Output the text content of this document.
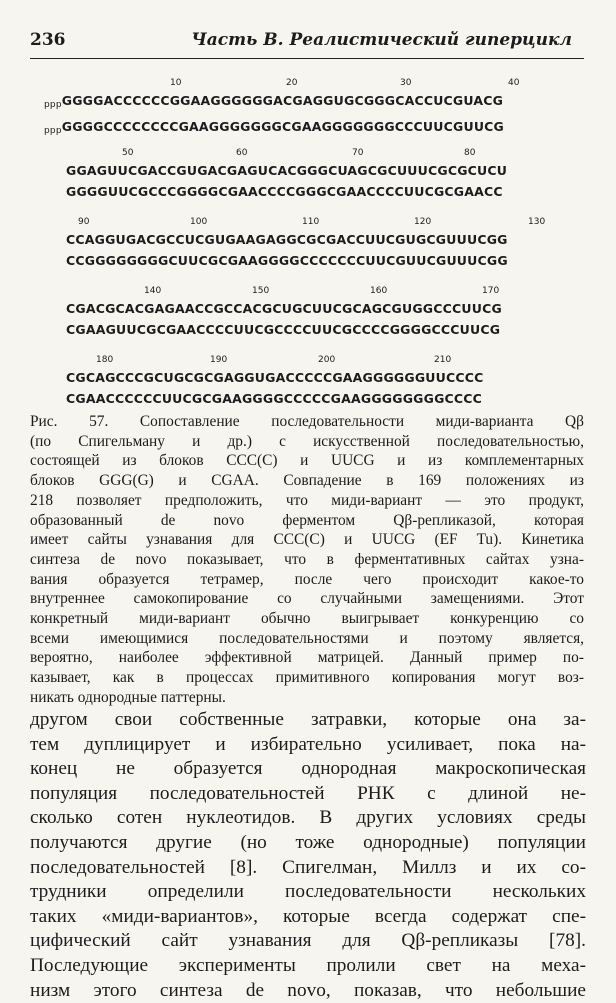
236	Часть В. Реалистический гиперцикл
10	20	30	40
pppGGGGACCCCCCGGAAGGGGGGACGAGGUGCGGGCACCUCGUACG
pppGGGGCCCCCCCCGAAGGGGGGGCGAAGGGGGGGCCCUUCGUUCG
50	60	70	80
GGAGUUCGACCGUGACGAGUCACGGGCUAGCGCUUUCGCGCUCU
GGGGUUCGCCCGGGGCGAACCCCGGGCGAACCCCUUCGCGAACC
90	100	110	120	130
CCAGGUGACGCCUCGUGAAGAGGCGCGACCUUCGUGCGUUUCGG
CCGGGGGGGGCUUCGCGAAGGGGCCCCCCCUUCGUUCGUUUCGG
140	150	160	170
CGACGCACGAGAACCGCCACGCUGCUUCGCAGCGUGGCCCUUCG
CGAAGUUCGCGAACCCCUUCGCCCCUUCGCCCCGGGGCCCUUCG
180	190	200	210
CGCAGCCCGCUGCGCGAGGUGACCCCCGAAGGGGGGUUCCCC
CGAACCCCCCUUCGCGAAGGGGCCCCCGAAGGGGGGGGCCCC
Рис. 57. Сопоставление последовательности миди-варианта Qβ
(по Спигельману и др.) с искусственной последовательностью,
состоящей из блоков CCC(C) и UUCG и из комплементарных
блоков GGG(G) и CGAA. Совпадение в 169 положениях из
218 позволяет предположить, что миди-вариант — это продукт,
образованный de novo ферментом Qβ-репликазой, которая
имеет сайты узнавания для CCC(C) и UUCG (EF Tu). Кинетика
синтеза de novo показывает, что в ферментативных сайтах узна-
вания образуется тетрамер, после чего происходит какое-то
внутреннее самокопирование со случайными замещениями. Этот
конкретный миди-вариант обычно выигрывает конкуренцию со
всеми имеющимися последовательностями и поэтому является,
вероятно, наиболее эффективной матрицей. Данный пример по-
казывает, как в процессах примитивного копирования могут воз-
никать однородные паттерны.
другом свои собственные затравки, которые она за-
тем дуплицирует и избирательно усиливает, пока на-
конец не образуется однородная макроскопическая
популяция последовательностей РНК с длиной не-
сколько сотен нуклеотидов. В других условиях среды
получаются другие (но тоже однородные) популяции
последовательностей [8]. Спигелман, Миллз и их со-
трудники определили последовательности нескольких
таких «миди-вариантов», которые всегда содержат спе-
цифический сайт узнавания для Qβ-репликазы [78].
Последующие эксперименты пролили свет на меха-
низм этого синтеза de novo, показав, что небольшие
